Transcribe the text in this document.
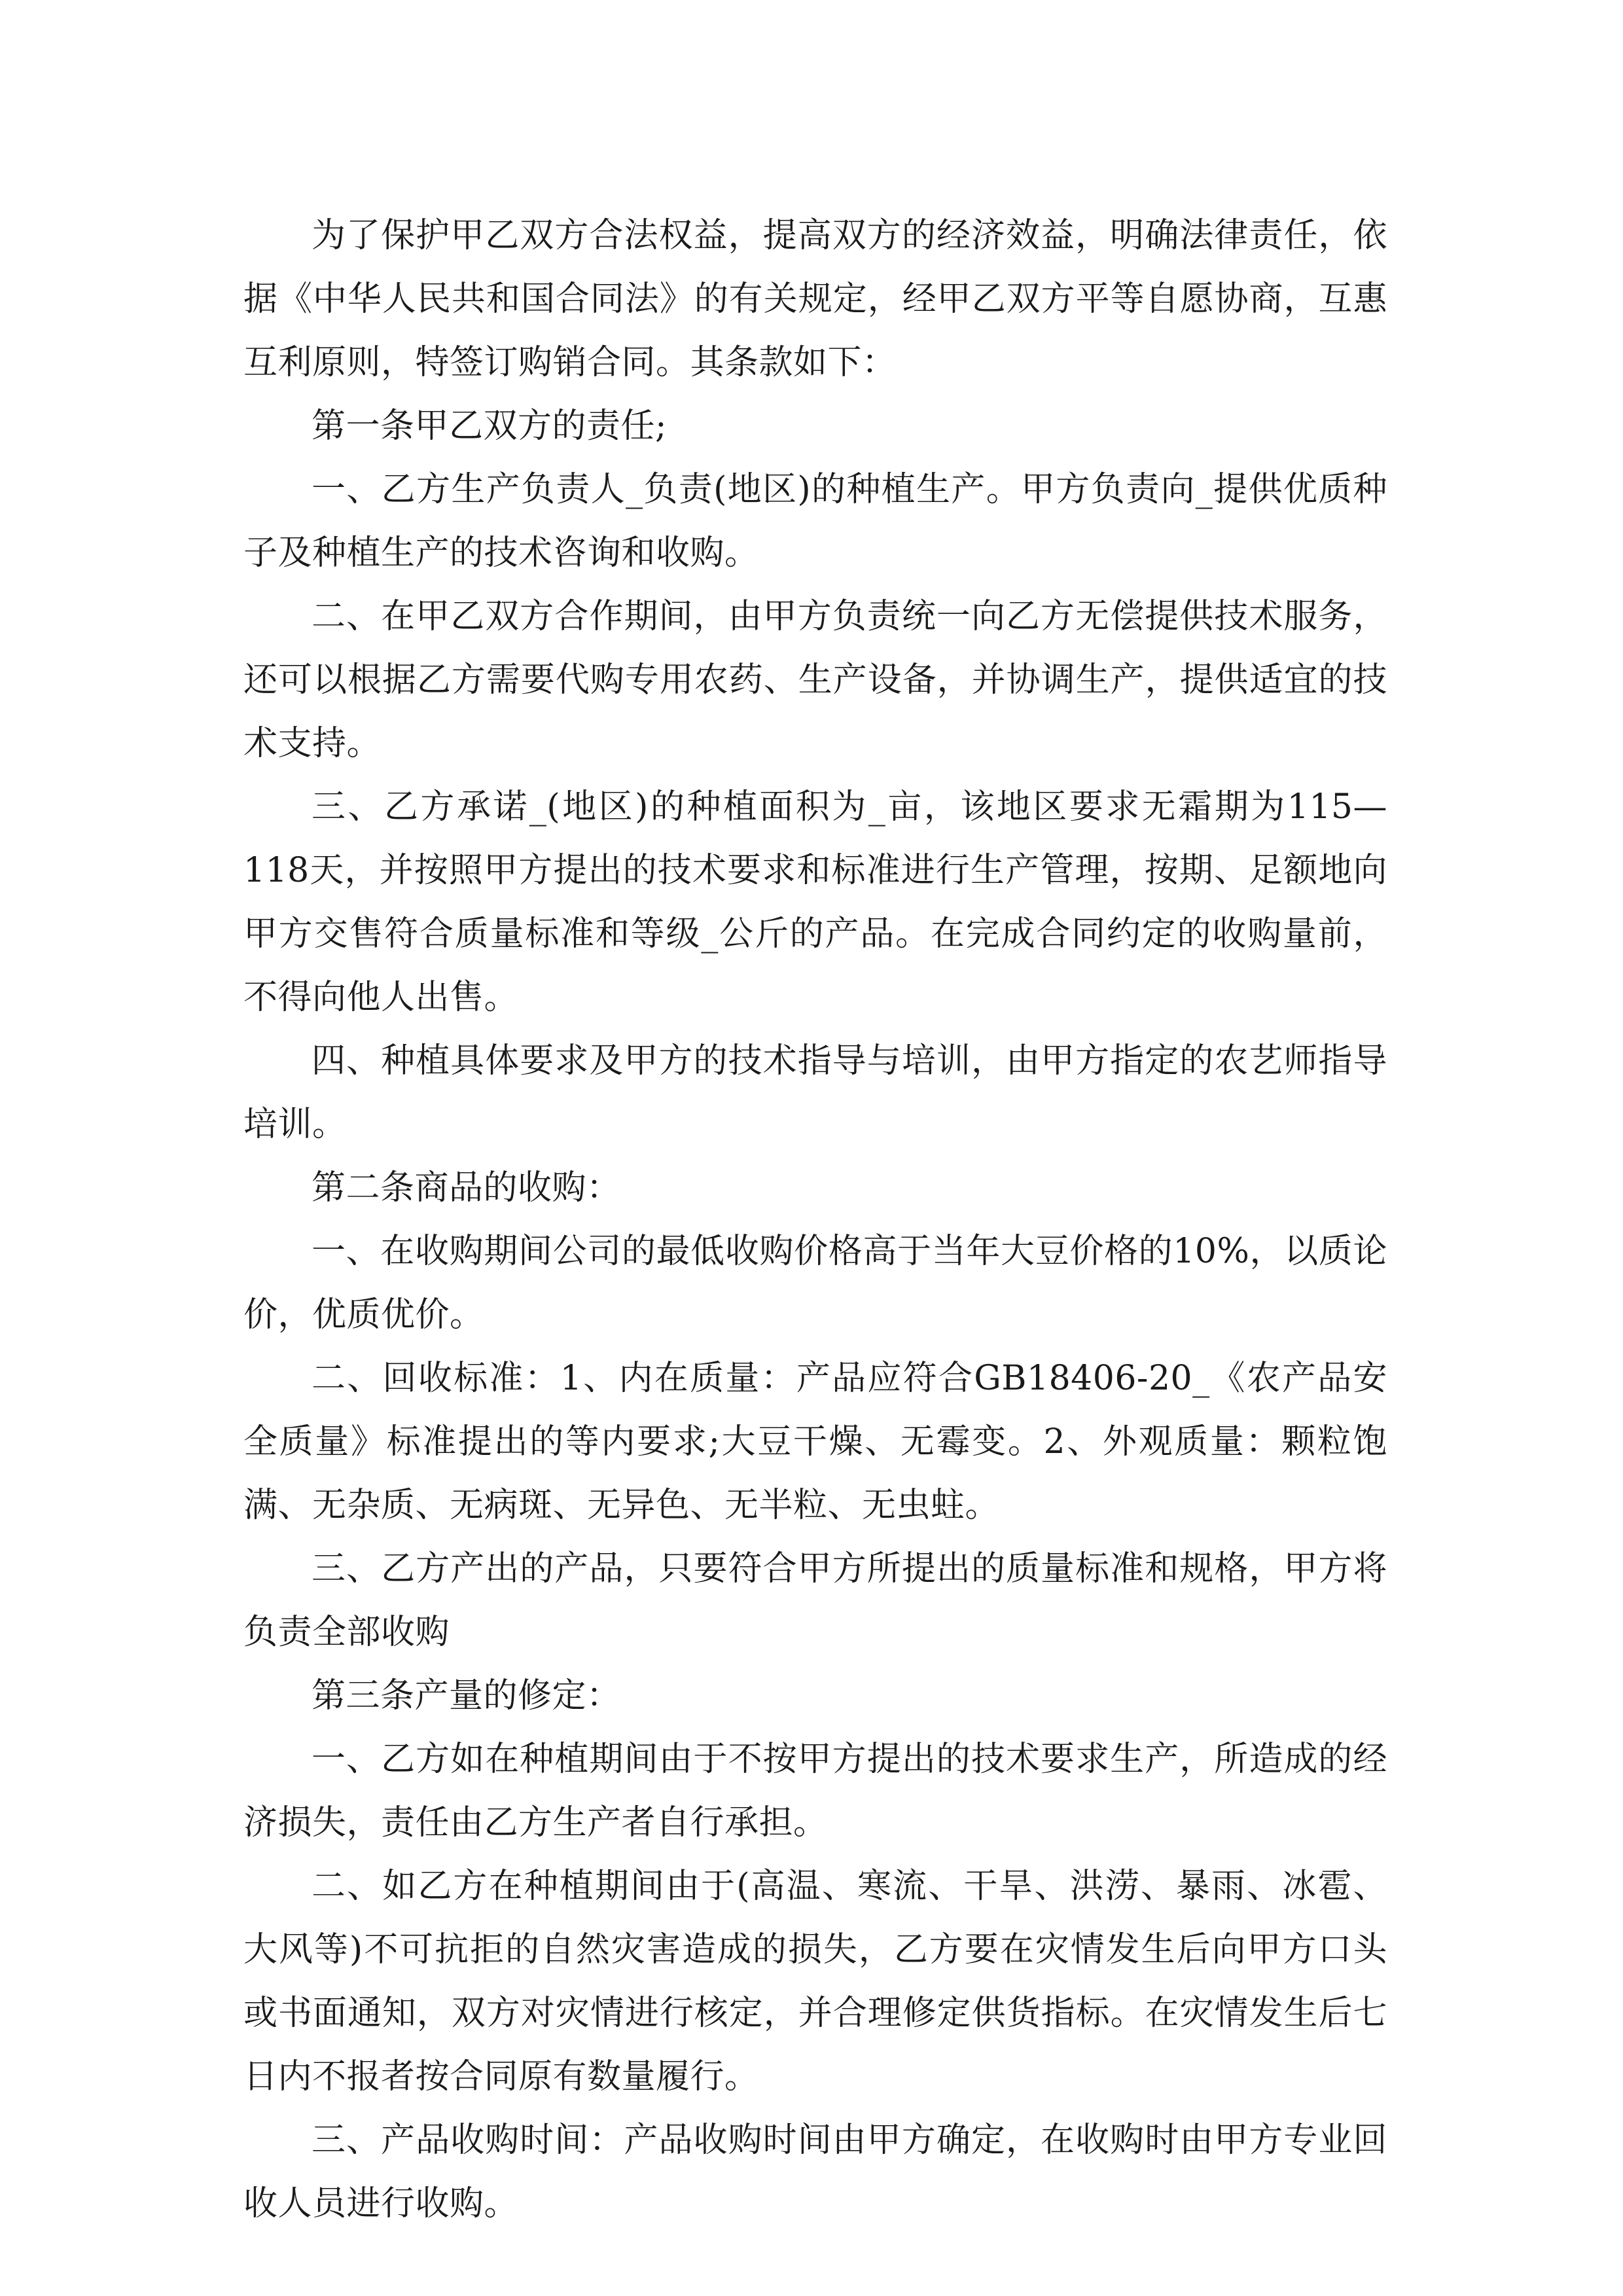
为了保护甲乙双方合法权益，提高双方的经济效益，明确法律责任，依据《中华人民共和国合同法》的有关规定，经甲乙双方平等自愿协商，互惠互利原则，特签订购销合同。其条款如下：

第一条甲乙双方的责任;

一、乙方生产负责人_负责(地区)的种植生产。甲方负责向_提供优质种子及种植生产的技术咨询和收购。

二、在甲乙双方合作期间，由甲方负责统一向乙方无偿提供技术服务，还可以根据乙方需要代购专用农药、生产设备，并协调生产，提供适宜的技术支持。

三、乙方承诺_(地区)的种植面积为_亩，该地区要求无霜期为115—118天，并按照甲方提出的技术要求和标准进行生产管理，按期、足额地向甲方交售符合质量标准和等级_公斤的产品。在完成合同约定的收购量前，不得向他人出售。

四、种植具体要求及甲方的技术指导与培训，由甲方指定的农艺师指导培训。

第二条商品的收购：

一、在收购期间公司的最低收购价格高于当年大豆价格的10%，以质论价，优质优价。

二、回收标准：1、内在质量：产品应符合GB18406-20_《农产品安全质量》标准提出的等内要求;大豆干燥、无霉变。2、外观质量：颗粒饱满、无杂质、无病斑、无异色、无半粒、无虫蛀。

三、乙方产出的产品，只要符合甲方所提出的质量标准和规格，甲方将负责全部收购

第三条产量的修定：

一、乙方如在种植期间由于不按甲方提出的技术要求生产，所造成的经济损失，责任由乙方生产者自行承担。

二、如乙方在种植期间由于(高温、寒流、干旱、洪涝、暴雨、冰雹、大风等)不可抗拒的自然灾害造成的损失，乙方要在灾情发生后向甲方口头或书面通知，双方对灾情进行核定，并合理修定供货指标。在灾情发生后七日内不报者按合同原有数量履行。

三、产品收购时间：产品收购时间由甲方确定，在收购时由甲方专业回收人员进行收购。
